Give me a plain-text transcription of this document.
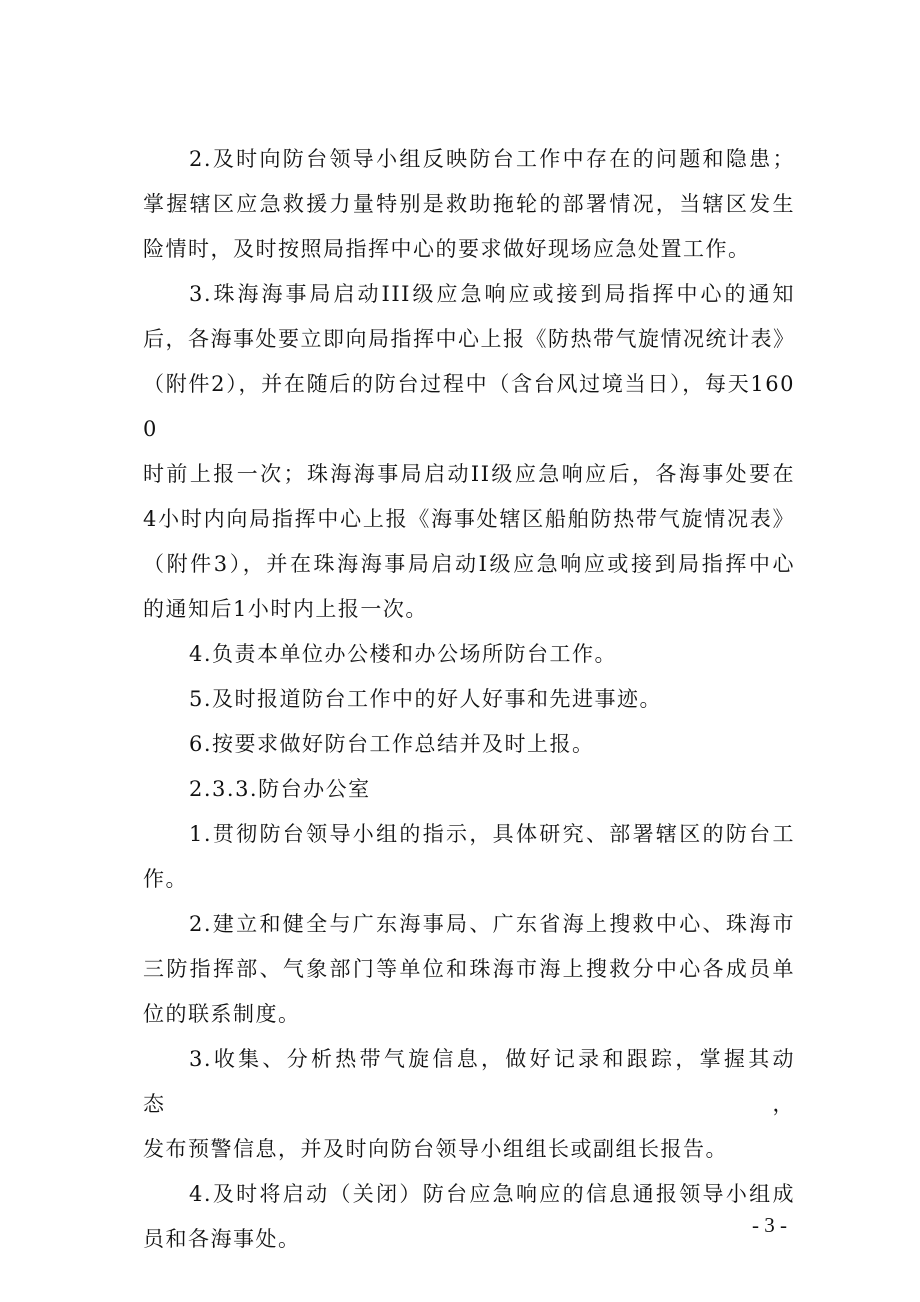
2.及时向防台领导小组反映防台工作中存在的问题和隐患；
掌握辖区应急救援力量特别是救助拖轮的部署情况，当辖区发生
险情时，及时按照局指挥中心的要求做好现场应急处置工作。

3.珠海海事局启动III级应急响应或接到局指挥中心的通知
后，各海事处要立即向局指挥中心上报《防热带气旋情况统计表》
（附件2），并在随后的防台过程中（含台风过境当日），每天1600
时前上报一次；珠海海事局启动II级应急响应后，各海事处要在
4小时内向局指挥中心上报《海事处辖区船舶防热带气旋情况表》
（附件3），并在珠海海事局启动I级应急响应或接到局指挥中心
的通知后1小时内上报一次。

4.负责本单位办公楼和办公场所防台工作。

5.及时报道防台工作中的好人好事和先进事迹。

6.按要求做好防台工作总结并及时上报。

2.3.3.防台办公室

1.贯彻防台领导小组的指示，具体研究、部署辖区的防台工
作。

2.建立和健全与广东海事局、广东省海上搜救中心、珠海市
三防指挥部、气象部门等单位和珠海市海上搜救分中心各成员单
位的联系制度。

3.收集、分析热带气旋信息，做好记录和跟踪，掌握其动态，
发布预警信息，并及时向防台领导小组组长或副组长报告。

4.及时将启动（关闭）防台应急响应的信息通报领导小组成
员和各海事处。

- 3 -
